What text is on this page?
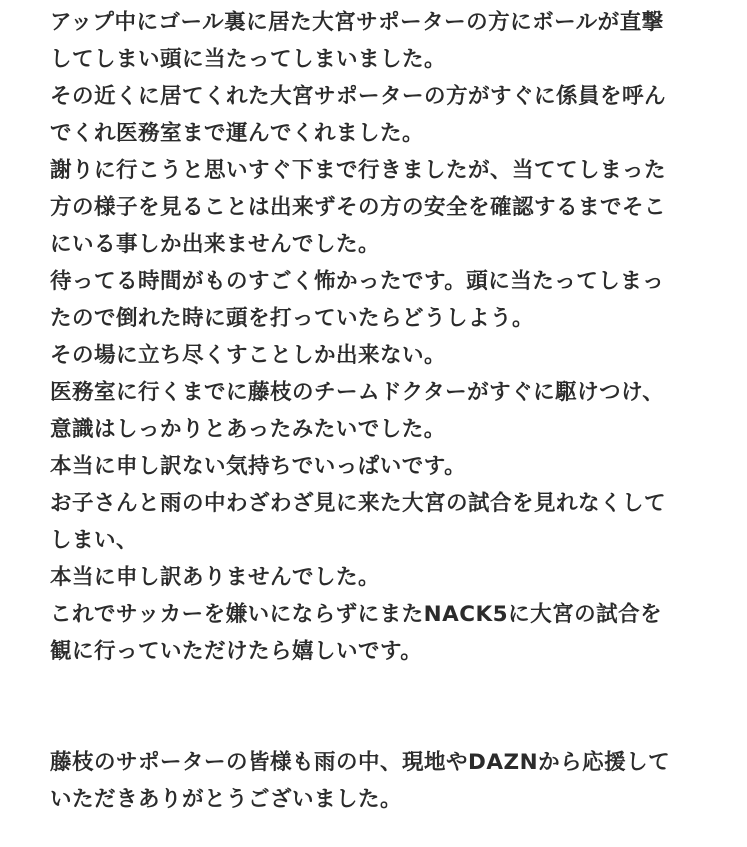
アップ中にゴール裏に居た大宮サポーターの方にボールが直撃
してしまい頭に当たってしまいました。
その近くに居てくれた大宮サポーターの方がすぐに係員を呼ん
でくれ医務室まで運んでくれました。
謝りに行こうと思いすぐ下まで行きましたが、当ててしまった
方の様子を見ることは出来ずその方の安全を確認するまでそこ
にいる事しか出来ませんでした。
待ってる時間がものすごく怖かったです。頭に当たってしまっ
たので倒れた時に頭を打っていたらどうしよう。
その場に立ち尽くすことしか出来ない。
医務室に行くまでに藤枝のチームドクターがすぐに駆けつけ、
意識はしっかりとあったみたいでした。
本当に申し訳ない気持ちでいっぱいです。
お子さんと雨の中わざわざ見に来た大宮の試合を見れなくして
しまい、
本当に申し訳ありませんでした。
これでサッカーを嫌いにならずにまたNACK5に大宮の試合を
観に行っていただけたら嬉しいです。
藤枝のサポーターの皆様も雨の中、現地やDAZNから応援して
いただきありがとうございました。
